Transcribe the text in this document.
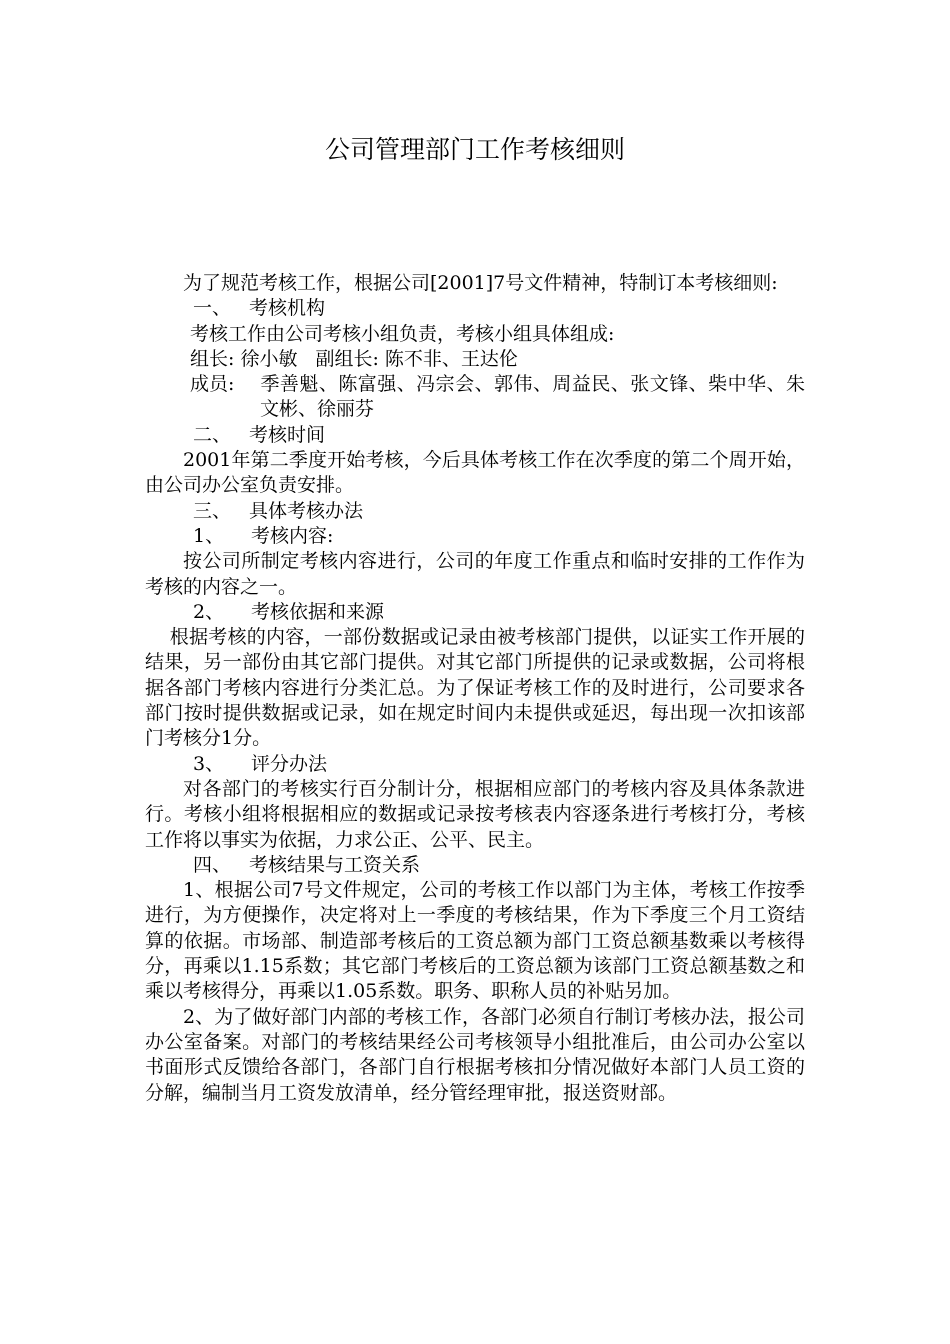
公司管理部门工作考核细则

为了规范考核工作，根据公司[2001]7号文件精神，特制订本考核细则:

一、 考核机构

考核工作由公司考核小组负责，考核小组具体组成:

组长: 徐小敏 副组长: 陈不非、王达伦

成员: 季善魁、陈富强、冯宗会、郭伟、周益民、张文锋、柴中华、朱文彬、徐丽芬

二、 考核时间

2001年第二季度开始考核，今后具体考核工作在次季度的第二个周开始，由公司办公室负责安排。

三、 具体考核办法

1、 考核内容:

按公司所制定考核内容进行，公司的年度工作重点和临时安排的工作作为考核的内容之一。

2、 考核依据和来源

根据考核的内容，一部份数据或记录由被考核部门提供，以证实工作开展的结果，另一部份由其它部门提供。对其它部门所提供的记录或数据，公司将根据各部门考核内容进行分类汇总。为了保证考核工作的及时进行，公司要求各部门按时提供数据或记录，如在规定时间内未提供或延迟，每出现一次扣该部门考核分1分。

3、 评分办法

对各部门的考核实行百分制计分，根据相应部门的考核内容及具体条款进行。考核小组将根据相应的数据或记录按考核表内容逐条进行考核打分，考核工作将以事实为依据，力求公正、公平、民主。

四、 考核结果与工资关系

1、根据公司7号文件规定，公司的考核工作以部门为主体，考核工作按季进行，为方便操作，决定将对上一季度的考核结果，作为下季度三个月工资结算的依据。市场部、制造部考核后的工资总额为部门工资总额基数乘以考核得分，再乘以1.15系数；其它部门考核后的工资总额为该部门工资总额基数之和乘以考核得分，再乘以1.05系数。职务、职称人员的补贴另加。

2、为了做好部门内部的考核工作，各部门必须自行制订考核办法，报公司办公室备案。对部门的考核结果经公司考核领导小组批准后，由公司办公室以书面形式反馈给各部门，各部门自行根据考核扣分情况做好本部门人员工资的分解，编制当月工资发放清单，经分管经理审批，报送资财部。
